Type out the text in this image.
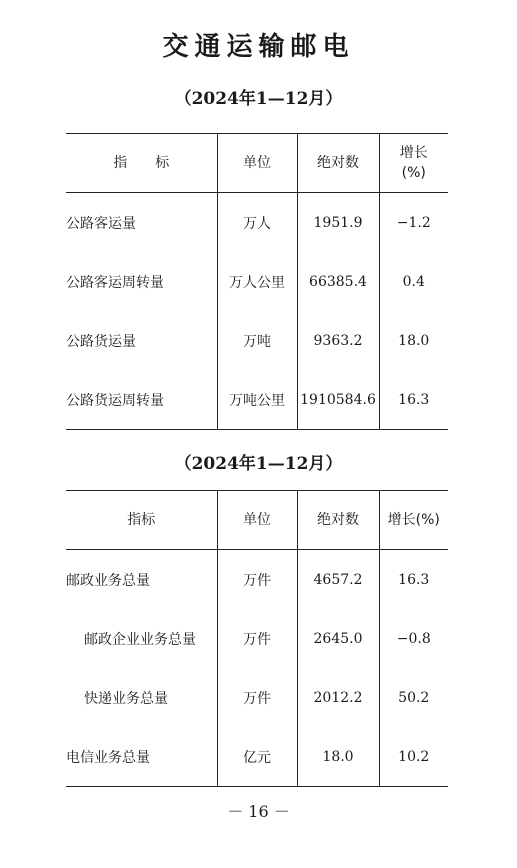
交通运输邮电
（2024年1—12月）
指　　标	单位	绝对数	增长
(%)

公路客运量	万人	1951.9	−1.2
公路客运周转量	万人公里	66385.4	0.4
公路货运量	万吨	9363.2	18.0
公路货运周转量	万吨公里	1910584.6	16.3
（2024年1—12月）
指标	单位	绝对数	增长(%)
邮政业务总量	万件	4657.2	16.3
邮政企业业务总量	万件	2645.0	−0.8
快递业务总量	万件	2012.2	50.2
电信业务总量	亿元	18.0	10.2
－ 16 －
